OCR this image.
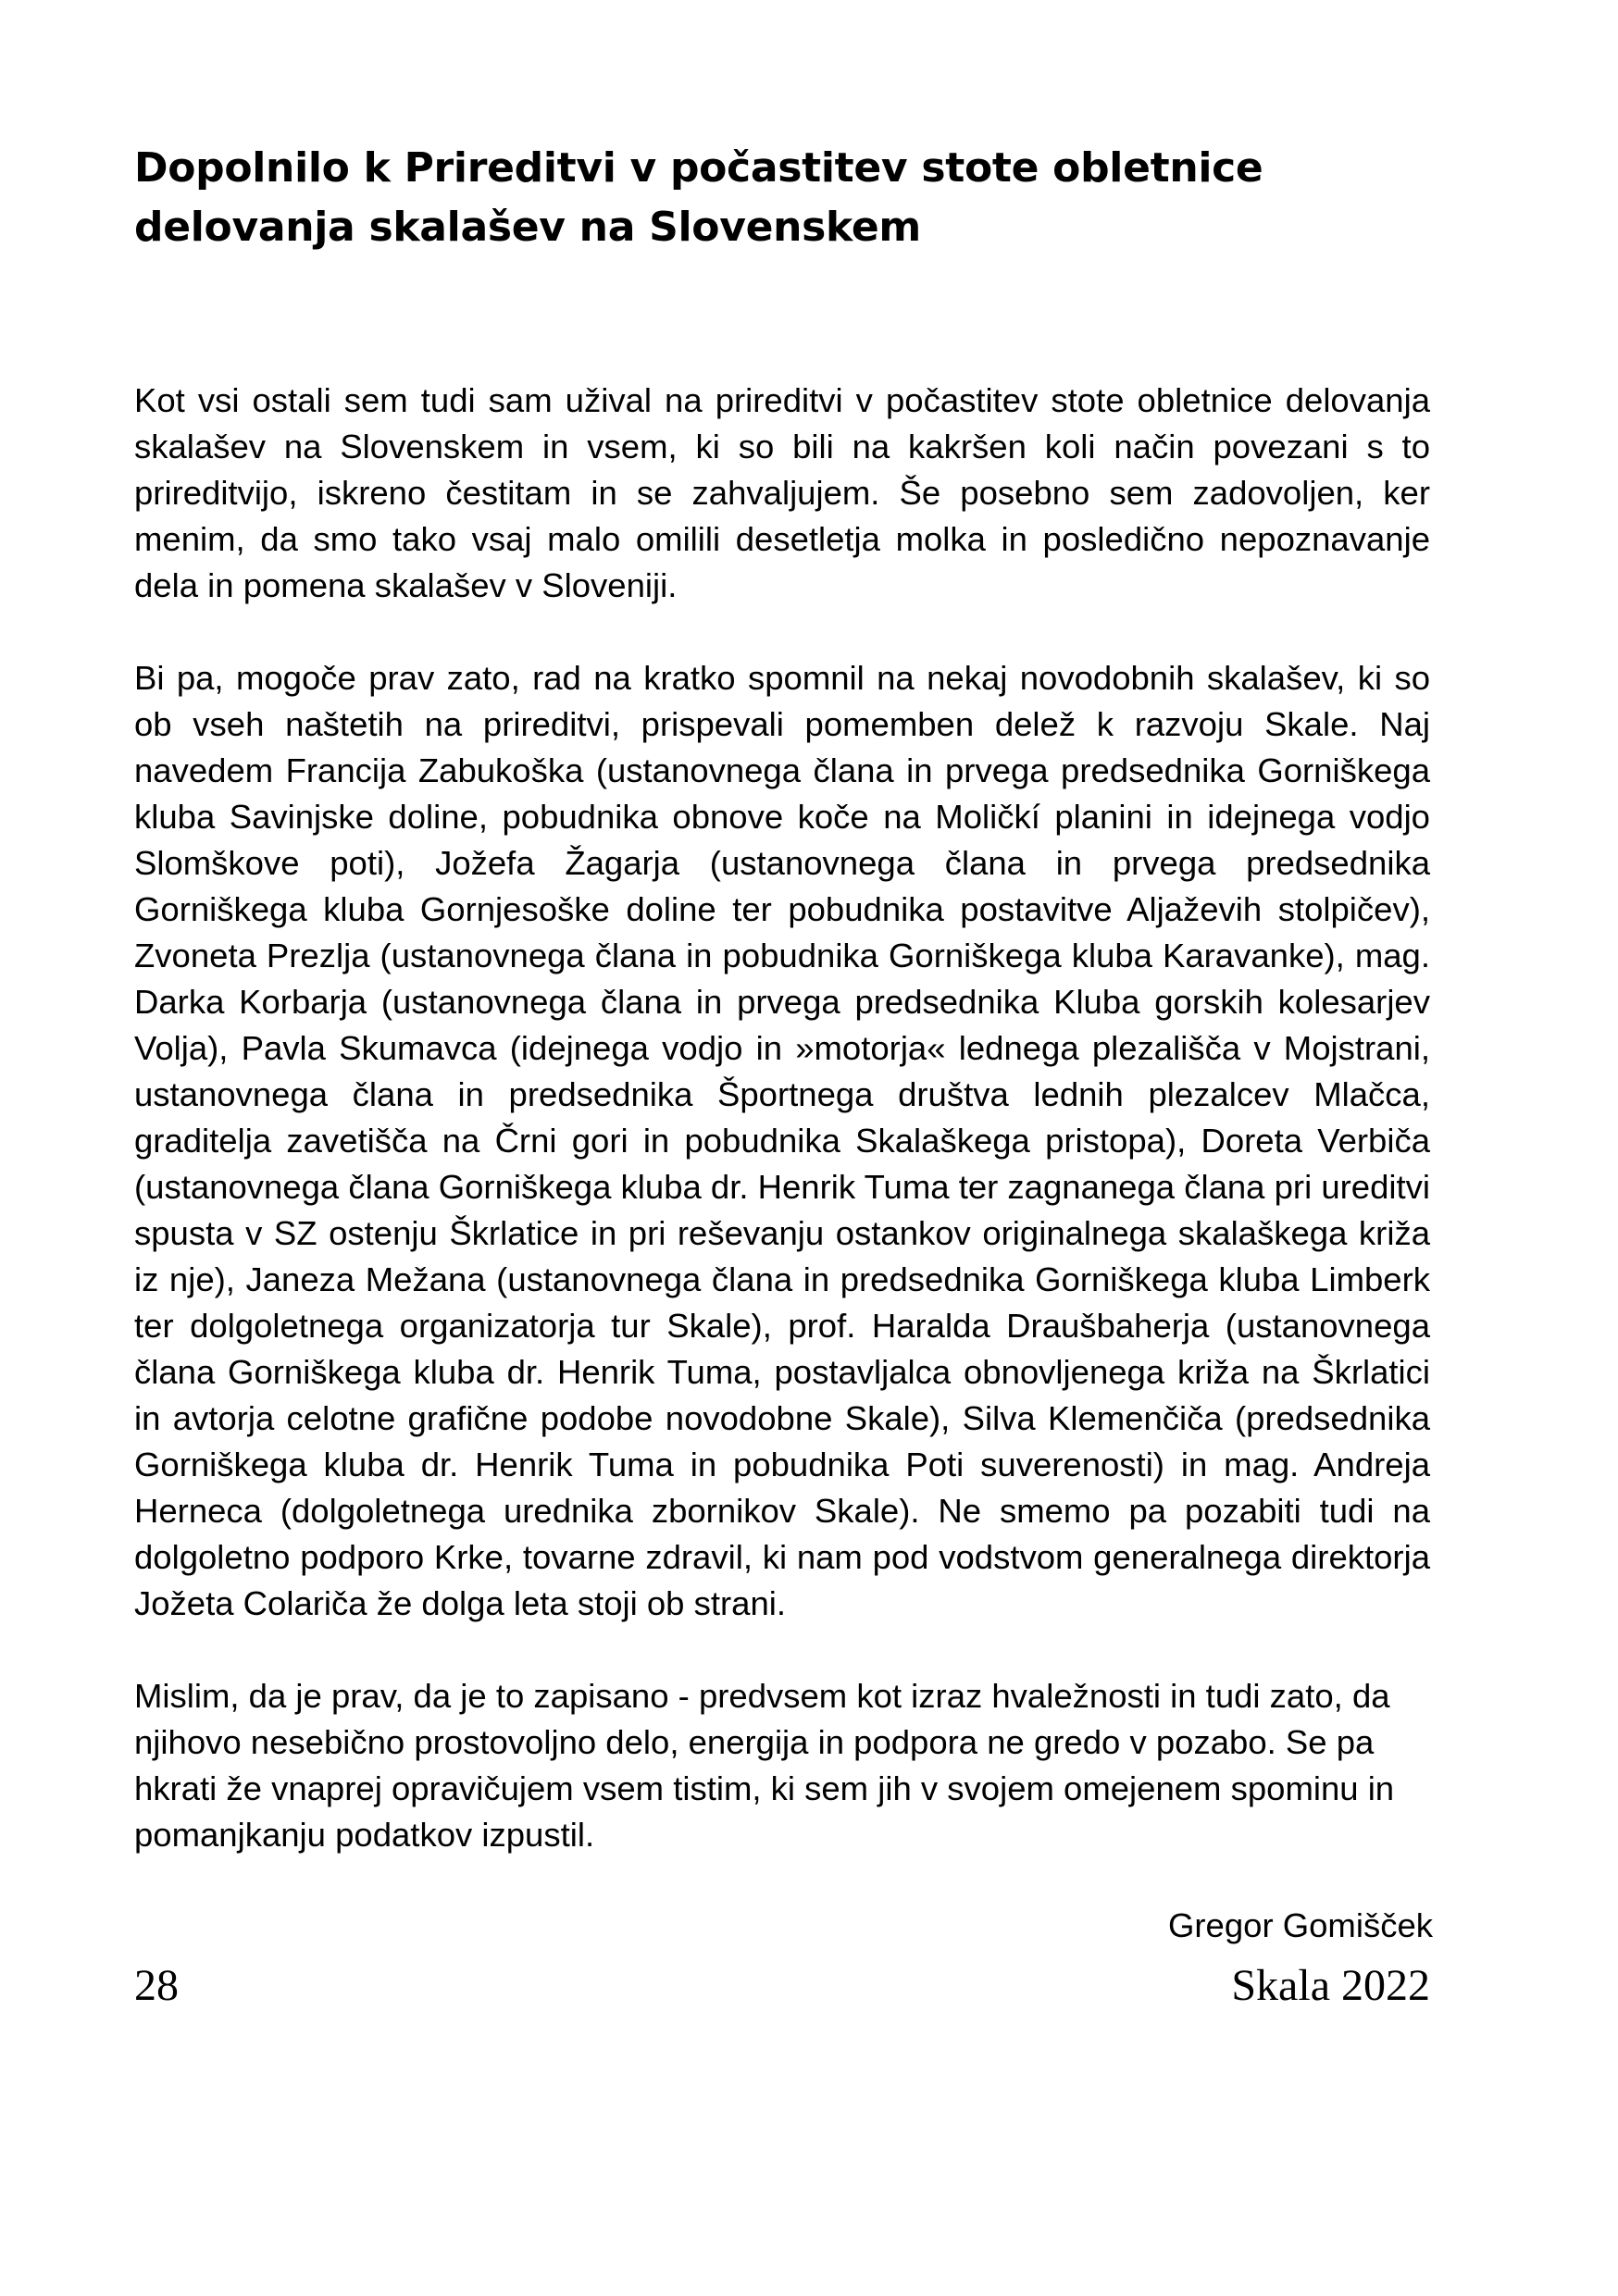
Dopolnilo k Prireditvi v počastitev stote obletnice delovanja skalašev na Slovenskem

Kot vsi ostali sem tudi sam užival na prireditvi v počastitev stote obletnice delovanja skalašev na Slovenskem in vsem, ki so bili na kakršen koli način povezani s to prireditvijo, iskreno čestitam in se zahvaljujem. Še posebno sem zadovoljen, ker menim, da smo tako vsaj malo omilili desetletja molka in posledično nepoznavanje dela in pomena skalašev v Sloveniji.

Bi pa, mogoče prav zato, rad na kratko spomnil na nekaj novodobnih skalašev, ki so ob vseh naštetih na prireditvi, prispevali pomemben delež k razvoju Skale. Naj navedem Francija Zabukoška (ustanovnega člana in prvega predsednika Gorniškega kluba Savinjske doline, pobudnika obnove koče na Moličkí planini in idejnega vodjo Slomškove poti), Jožefa Žagarja (ustanovnega člana in prvega predsednika Gorniškega kluba Gornjesoške doline ter pobudnika postavitve Aljaževih stolpičev), Zvoneta Prezlja (ustanovnega člana in pobudnika Gorniškega kluba Karavanke), mag. Darka Korbarja (ustanovnega člana in prvega predsednika Kluba gorskih kolesarjev Volja), Pavla Skumavca (idejnega vodjo in »motorja« lednega plezališča v Mojstrani, ustanovnega člana in predsednika Športnega društva lednih plezalcev Mlačca, graditelja zavetišča na Črni gori in pobudnika Skalaškega pristopa), Doreta Verbiča (ustanovnega člana Gorniškega kluba dr. Henrik Tuma ter zagnanega člana pri ureditvi spusta v SZ ostenju Škrlatice in pri reševanju ostankov originalnega skalaškega križa iz nje), Janeza Mežana (ustanovnega člana in predsednika Gorniškega kluba Limberk ter dolgoletnega organizatorja tur Skale), prof. Haralda Draušbaherja (ustanovnega člana Gorniškega kluba dr. Henrik Tuma, postavljalca obnovljenega križa na Škrlatici in avtorja celotne grafične podobe novodobne Skale), Silva Klemenčiča (predsednika Gorniškega kluba dr. Henrik Tuma in pobudnika Poti suverenosti) in mag. Andreja Herneca (dolgoletnega urednika zbornikov Skale). Ne smemo pa pozabiti tudi na dolgoletno podporo Krke, tovarne zdravil, ki nam pod vodstvom generalnega direktorja Jožeta Colariča že dolga leta stoji ob strani.

Mislim, da je prav, da je to zapisano - predvsem kot izraz hvaležnosti in tudi zato, da njihovo nesebično prostovoljno delo, energija in podpora ne gredo v pozabo. Se pa hkrati že vnaprej opravičujem vsem tistim, ki sem jih v svojem omejenem spominu in pomanjkanju podatkov izpustil.

Gregor Gomišček
28	Skala 2022
